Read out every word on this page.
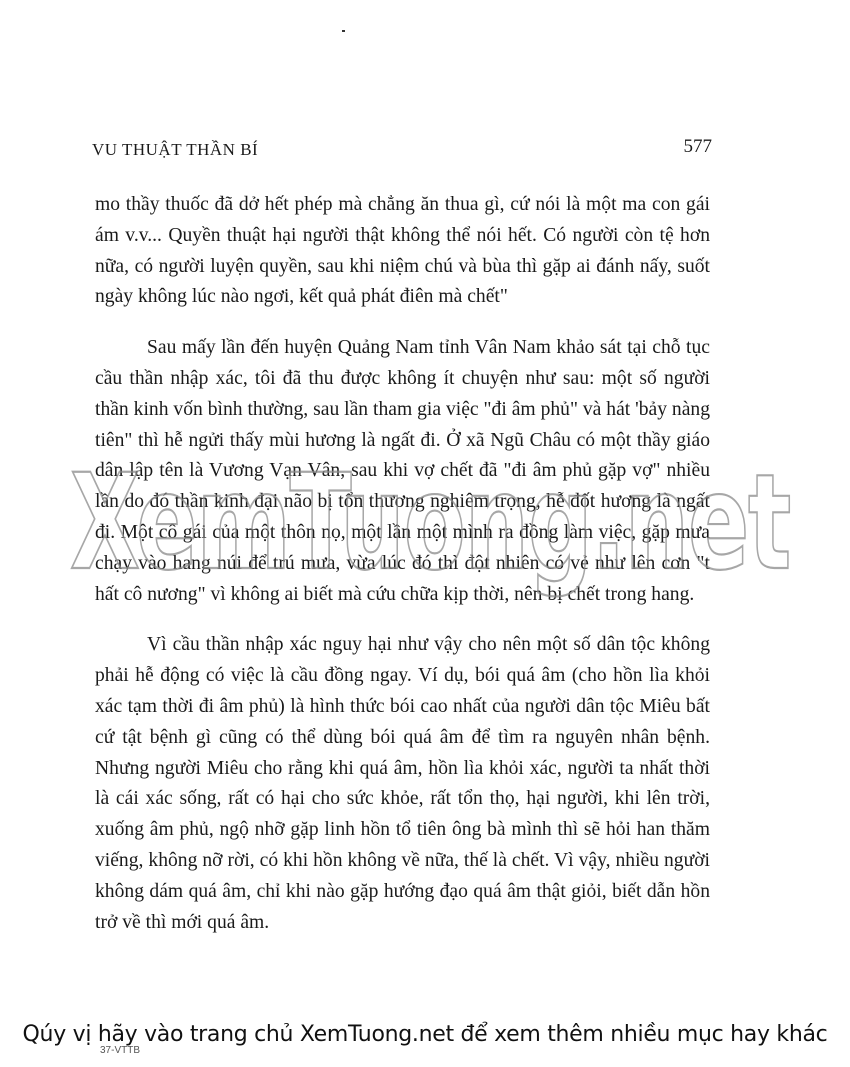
VU THUẬT THẦN BÍ	577

mo thầy thuốc đã dở hết phép mà chẳng ăn thua gì, cứ nói là một ma con gái ám v.v... Quyền thuật hại người thật không thể nói hết. Có người còn tệ hơn nữa, có người luyện quyền, sau khi niệm chú và bùa thì gặp ai đánh nấy, suốt ngày không lúc nào ngơi, kết quả phát điên mà chết"

Sau mấy lần đến huyện Quảng Nam tỉnh Vân Nam khảo sát tại chỗ tục cầu thần nhập xác, tôi đã thu được không ít chuyện như sau: một số người thần kinh vốn bình thường, sau lần tham gia việc "đi âm phủ" và hát 'bảy nàng tiên" thì hễ ngửi thấy mùi hương là ngất đi. Ở xã Ngũ Châu có một thầy giáo dân lập tên là Vương Vạn Vân, sau khi vợ chết đã "đi âm phủ gặp vợ" nhiều lần do đó thần kinh đại não bị tổn thương nghiêm trọng, hễ đốt hương là ngất đi. Một cô gái của một thôn nọ, một lần một mình ra đồng làm việc, gặp mưa chạy vào hang núi để trú mưa, vừa lúc đó thì đột nhiên có vẻ như lên cơn "t hất cô nương" vì không ai biết mà cứu chữa kịp thời, nên bị chết trong hang.

Vì cầu thần nhập xác nguy hại như vậy cho nên một số dân tộc không phải hễ động có việc là cầu đồng ngay. Ví dụ, bói quá âm (cho hồn lìa khỏi xác tạm thời đi âm phủ) là hình thức bói cao nhất của người dân tộc Miêu bất cứ tật bệnh gì cũng có thể dùng bói quá âm để tìm ra nguyên nhân bệnh. Nhưng người Miêu cho rằng khi quá âm, hồn lìa khỏi xác, người ta nhất thời là cái xác sống, rất có hại cho sức khỏe, rất tổn thọ, hại người, khi lên trời, xuống âm phủ, ngộ nhỡ gặp linh hồn tổ tiên ông bà mình thì sẽ hỏi han thăm viếng, không nỡ rời, có khi hồn không về nữa, thế là chết. Vì vậy, nhiều người không dám quá âm, chỉ khi nào gặp hướng đạo quá âm thật giỏi, biết dẫn hồn trở về thì mới quá âm.

XemTuong.net
Qúy vị hãy vào trang chủ XemTuong.net để xem thêm nhiều mục hay khác
37-VTTB
